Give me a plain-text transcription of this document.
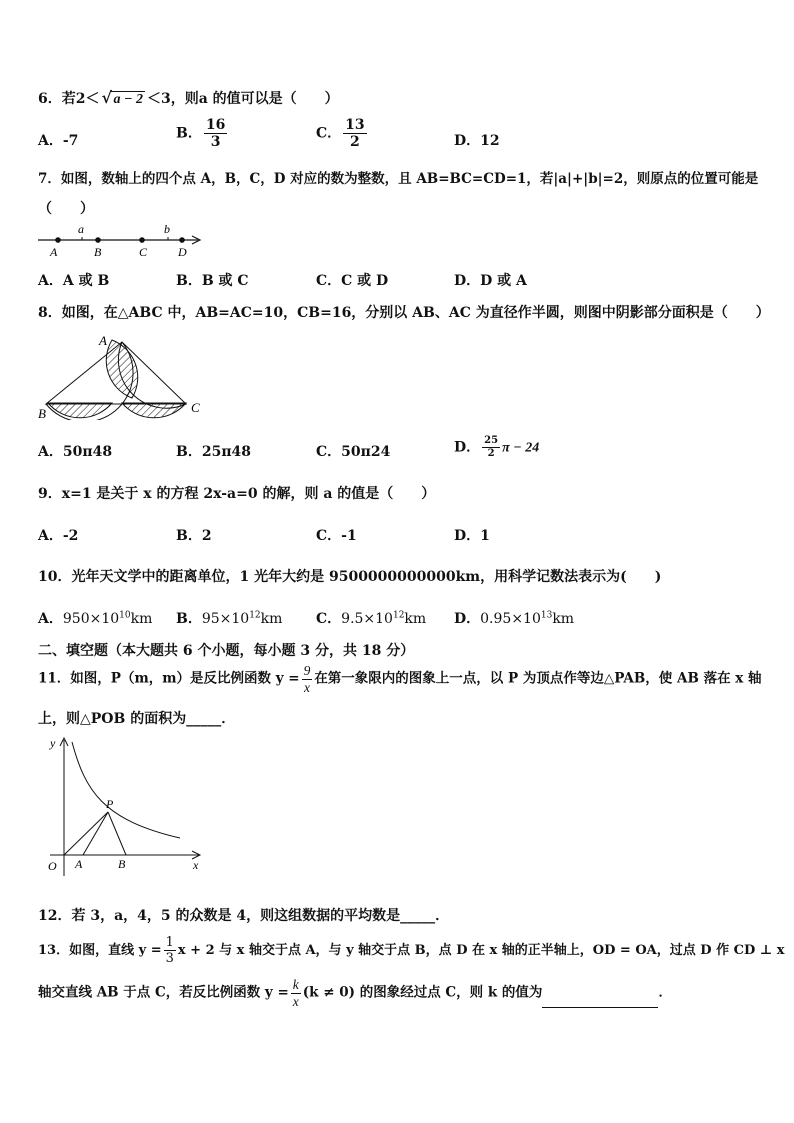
6．若2＜ √ a − 2 ＜3，则a 的值可以是（　　）
A．-7	B． $\frac{16}{3}$	C． $\frac{13}{2}$	D．12
7．如图，数轴上的四个点 A，B，C，D 对应的数为整数，且 AB=BC=CD=1，若|a|+|b|=2，则原点的位置可能是
（　　）
a	b
A	B	C	D
A．A 或 B	B．B 或 C	C．C 或 D	D．D 或 A
8．如图，在△ABC 中，AB=AC=10，CB=16，分别以 AB、AC 为直径作半圆，则图中阴影部分面积是（　　）
A
B	C
A．50π48	B．25π48	C．50π24	D． $\frac{25}{2}$ π − 24
9．x=1 是关于 x 的方程 2x-a=0 的解，则 a 的值是（　　）
A．-2	B．2	C．-1	D．1
10．光年天文学中的距离单位，1 光年大约是 9500000000000km，用科学记数法表示为(　　)
A．$950\times 10^{10}km$ B．$95\times 10^{12}km$ C．$9.5\times 10^{12}km$ D．$0.95\times 10^{13}km$
二、填空题（本大题共 6 个小题，每小题 3 分，共 18 分）
11．如图，P（m，m）是反比例函数 $y = \frac{9}{x}$ 在第一象限内的图象上一点，以 P 为顶点作等边△PAB，使 AB 落在 x 轴
上，则△POB 的面积为_____．
y
x
O A	B
P
12．若 3，a，4，5 的众数是 4，则这组数据的平均数是_____．
13．如图，直线 $y = \frac{1}{3}$ x + 2 与 x 轴交于点 A，与 y 轴交于点 B，点 D 在 x 轴的正半轴上，OD = OA，过点 D 作 CD ⊥ x
轴交直线 AB 于点 C，若反比例函数 $y = \frac{k}{x} (k \ne 0)$ 的图象经过点 C，则 k 的值为	．
